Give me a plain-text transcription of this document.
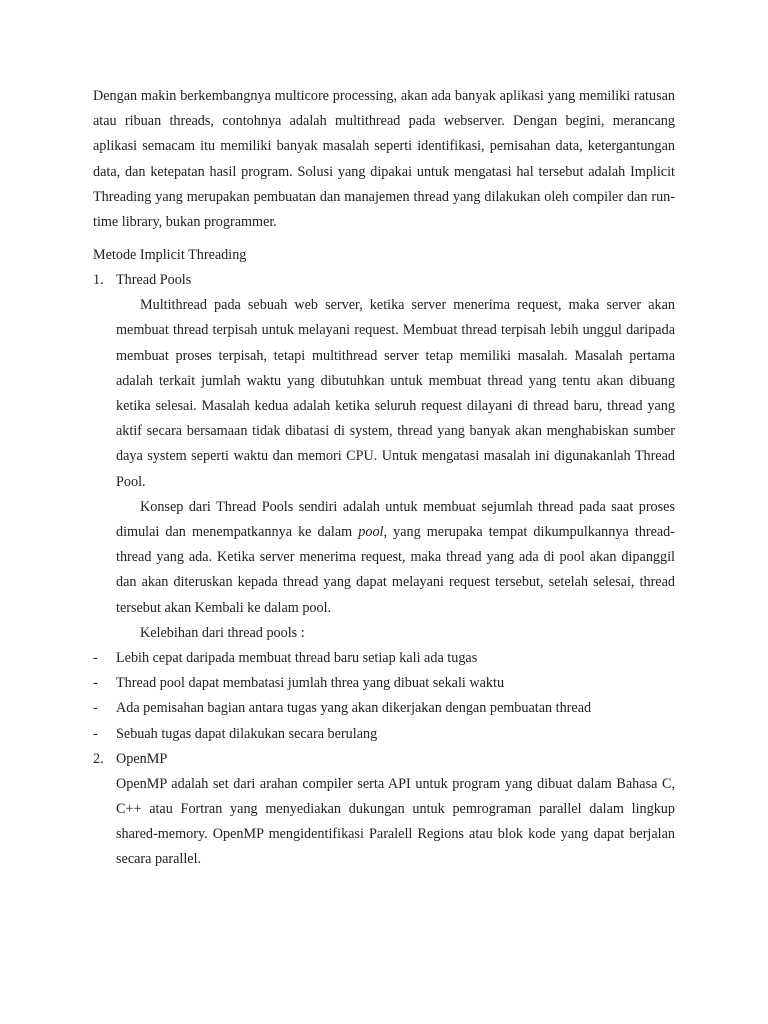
Dengan makin berkembangnya multicore processing, akan ada banyak aplikasi yang memiliki ratusan atau ribuan threads, contohnya adalah multithread pada webserver. Dengan begini, merancang aplikasi semacam itu memiliki banyak masalah seperti identifikasi, pemisahan data, ketergantungan data, dan ketepatan hasil program. Solusi yang dipakai untuk mengatasi hal tersebut adalah Implicit Threading yang merupakan pembuatan dan manajemen thread yang dilakukan oleh compiler dan run-time library, bukan programmer.

Metode Implicit Threading

1. Thread Pools

Multithread pada sebuah web server, ketika server menerima request, maka server akan membuat thread terpisah untuk melayani request. Membuat thread terpisah lebih unggul daripada membuat proses terpisah, tetapi multithread server tetap memiliki masalah. Masalah pertama adalah terkait jumlah waktu yang dibutuhkan untuk membuat thread yang tentu akan dibuang ketika selesai. Masalah kedua adalah ketika seluruh request dilayani di thread baru, thread yang aktif secara bersamaan tidak dibatasi di system, thread yang banyak akan menghabiskan sumber daya system seperti waktu dan memori CPU. Untuk mengatasi masalah ini digunakanlah Thread Pool.

Konsep dari Thread Pools sendiri adalah untuk membuat sejumlah thread pada saat proses dimulai dan menempatkannya ke dalam pool, yang merupaka tempat dikumpulkannya thread-thread yang ada. Ketika server menerima request, maka thread yang ada di pool akan dipanggil dan akan diteruskan kepada thread yang dapat melayani request tersebut, setelah selesai, thread tersebut akan Kembali ke dalam pool.

Kelebihan dari thread pools :

- Lebih cepat daripada membuat thread baru setiap kali ada tugas
- Thread pool dapat membatasi jumlah threa yang dibuat sekali waktu
- Ada pemisahan bagian antara tugas yang akan dikerjakan dengan pembuatan thread
- Sebuah tugas dapat dilakukan secara berulang
2. OpenMP

OpenMP adalah set dari arahan compiler serta API untuk program yang dibuat dalam Bahasa C, C++ atau Fortran yang menyediakan dukungan untuk pemrograman parallel dalam lingkup shared-memory. OpenMP mengidentifikasi Paralell Regions atau blok kode yang dapat berjalan secara parallel.
